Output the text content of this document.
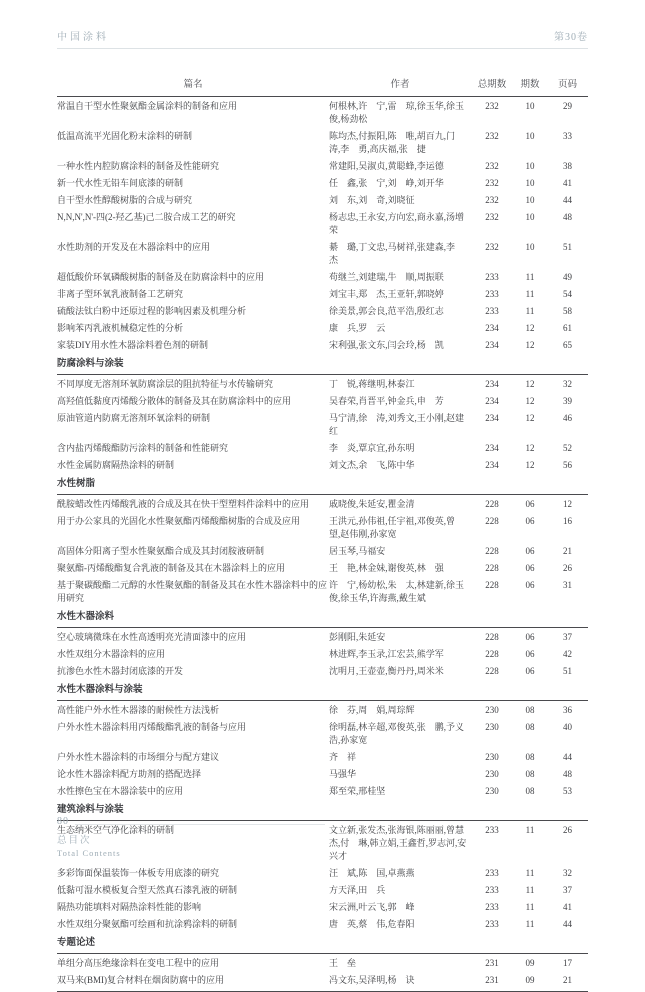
中国涂料	第30卷
篇名	作者	总期数	期数	页码
常温自干型水性聚氨酯金属涂料的制备和应用	何根林,许　宁,雷　琼,徐玉华,徐玉俊,杨劲松	232	10	29
低温高流平光固化粉末涂料的研制	陈均杰,付振阳,陈　唯,胡百九,门　涛,李　勇,高庆福,张　捷	232	10	33
一种水性内腔防腐涂料的制备及性能研究	常建阳,吴淑贞,黄聪蜂,李运德	232	10	38
新一代水性无铅车间底漆的研制	任　鑫,张　宁,刘　峥,刘开华	232	10	41
自干型水性醇酸树脂的合成与研究	刘　东,刘　奇,刘晓征	232	10	44
N,N,N',N'-四(2-羟乙基)己二胺合成工艺的研究	杨志忠,王永安,方向宏,商永嘉,汤增荣	232	10	48
水性助剂的开发及在木器涂料中的应用	綦　璐,丁文忠,马树祥,张建森,李　杰	232	10	51
超低酸价环氧磷酸树脂的制备及在防腐涂料中的应用	苟继兰,刘建瑞,牛　顺,周振联	233	11	49
非离子型环氧乳液制备工艺研究	刘宝丰,郑　杰,王亚轩,郭晓婷	233	11	54
硫酸法钛白粉中还原过程的影响因素及机理分析	徐美景,郭会良,范平浩,殷红志	233	11	58
影响苯丙乳液机械稳定性的分析	康　兵,罗　云	234	12	61
家装DIY用水性木器涂料着色剂的研制	宋利强,张文东,闫会玲,杨　凯	234	12	65
防腐涂料与涂装				
不同厚度无溶剂环氧防腐涂层的阻抗特征与水传输研究	丁　锐,蒋继明,林泰江	234	12	32
高羟值低黏度丙烯酸分散体的制备及其在防腐涂料中的应用	吴春荣,肖晋平,钟金兵,申　芳	234	12	39
原油管道内防腐无溶剂环氧涂料的研制	马宁清,徐　涛,刘秀文,王小刚,赵建红	234	12	46
含内盐丙烯酸酯防污涂料的制备和性能研究	李　炎,覃京宜,孙东明	234	12	52
水性金属防腐隔热涂料的研制	刘文杰,余　飞,陈中华	234	12	56
水性树脂				
酰胺蜡改性丙烯酸乳液的合成及其在快干型塑料件涂料中的应用	戚晓俊,朱延安,瞿金清	228	06	12
用于办公家具的光固化水性聚氨酯丙烯酸酯树脂的合成及应用	王洪元,孙伟祖,任宇祖,邓俊英,曾　望,赵伟刚,孙家宽	228	06	16
高固体分阳离子型水性聚氨酯合成及其封闭胺液研制	居玉琴,马福安	228	06	21
聚氨酯-丙烯酸酯复合乳液的制备及其在木器涂料上的应用	王　艳,林金妹,谢俊英,林　强	228	06	26
基于聚碳酸酯二元醇的水性聚氨酯的制备及其在水性木器涂料中的应用研究	许　宁,杨幼松,朱　太,林建新,徐玉俊,徐玉华,许海燕,戴生斌	228	06	31
水性木器涂料				
空心玻璃微珠在水性高透明亮光清面漆中的应用	彭刚阳,朱延安	228	06	37
水性双组分木器涂料的应用	林进辉,李玉录,江宏芸,熊学军	228	06	42
抗渗色水性木器封闭底漆的开发	沈明月,王壶壶,衡丹丹,周米米	228	06	51
水性木器涂料与涂装				
高性能户外水性木器漆的耐候性方法浅析	徐　芬,周　娟,周琮辉	230	08	36
户外水性木器涂料用丙烯酸酯乳液的制备与应用	徐明磊,林辛超,邓俊英,张　鹏,予义浩,孙家宽	230	08	40
户外水性木器涂料的市场细分与配方建议	齐　祥	230	08	44
论水性木器涂料配方助剂的搭配选择	马强华	230	08	48
水性擦色宝在木器涂装中的应用	郑至荣,邢桂坚	230	08	53
建筑涂料与涂装				
生态纳米空气净化涂料的研制	文立新,张发杰,张海银,陈丽丽,曾慧杰,付　琳,韩立娟,王鑫哲,罗志河,安兴才	233	11	26
多彩饰面保温装饰一体板专用底漆的研究	汪　斌,陈　国,卓燕燕	233	11	32
低黏可湿水模板复合型天然真石漆乳液的研制	方天泽,田　兵	233	11	37
隔热功能填料对隔热涂料性能的影响	宋云洲,叶云飞,郭　峰	233	11	41
水性双组分聚氨酯可绘画和抗涂鸦涂料的研制	唐　英,蔡　伟,危春阳	233	11	44
专题论述				
单组分高压绝缘涂料在变电工程中的应用	王　垒	231	09	17
双马来(BMI)复合材料在烟囱防腐中的应用	冯文东,吴泽明,杨　诀	231	09	21
80
总目次
Total Contents
